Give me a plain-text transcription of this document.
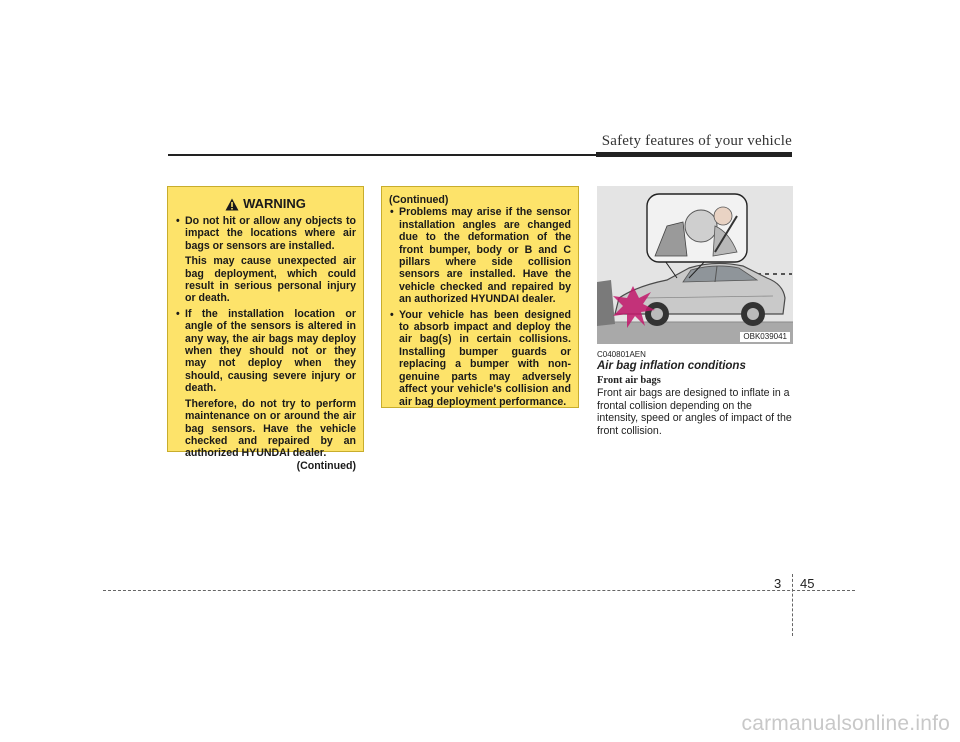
Safety features of your vehicle
WARNING
• Do not hit or allow any objects to impact the locations where air bags or sensors are installed.
This may cause unexpected air bag deployment, which could result in serious personal injury or death.
• If the installation location or angle of the sensors is altered in any way, the air bags may deploy when they should not or they may not deploy when they should, causing severe injury or death.
Therefore, do not try to perform maintenance on or around the air bag sensors. Have the vehicle checked and repaired by an authorized HYUNDAI dealer.
(Continued)
(Continued)
• Problems may arise if the sensor installation angles are changed due to the deformation of the front bumper, body or B and C pillars where side collision sensors are installed. Have the vehicle checked and repaired by an authorized HYUNDAI dealer.
• Your vehicle has been designed to absorb impact and deploy the air bag(s) in certain collisions. Installing bumper guards or replacing a bumper with non-genuine parts may adversely affect your vehicle's collision and air bag deployment performance.
OBK039041
C040801AEN
Air bag inflation conditions
Front air bags
Front air bags are designed to inflate in a frontal collision depending on the intensity, speed or angles of impact of the front collision.
3 45
carmanualsonline.info
